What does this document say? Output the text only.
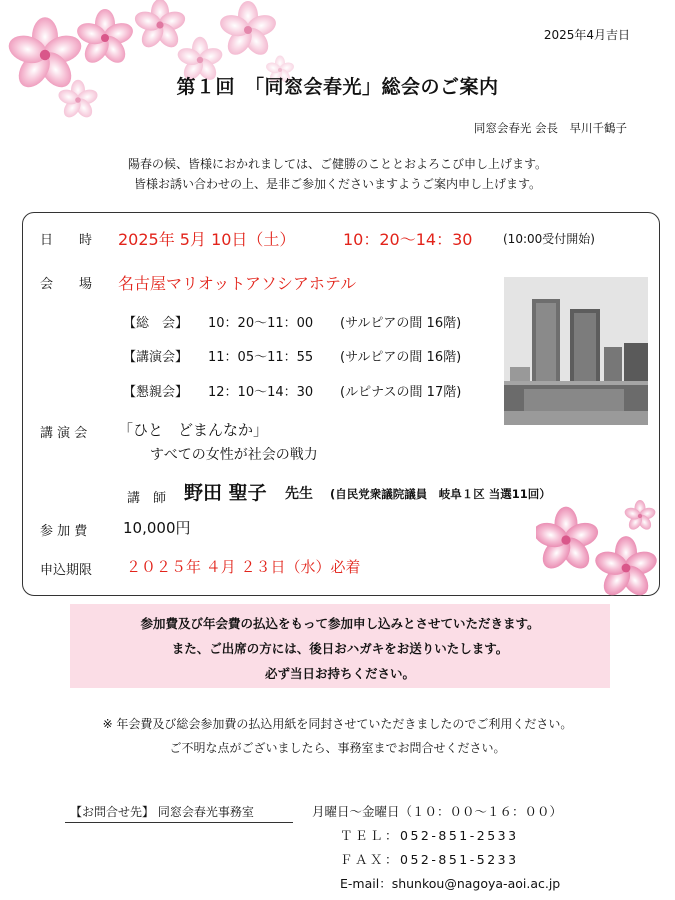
2025年4月吉日
第１回　「同窓会春光」総会のご案内
同窓会春光 会長　早川千鶴子
陽春の候、皆様におかれましては、ご健勝のこととおよろこび申し上げます。
皆様お誘い合わせの上、是非ご参加くださいますようご案内申し上げます。
日　　時 2025年 5月 10日（土）	10：20〜14：30	(10:00受付開始)
会　　場 名古屋マリオットアソシアホテル
【総　会】 10：20〜11：00 (サルピアの間 16階)
【講演会】 11：05〜11：55 (サルピアの間 16階)
【懇親会】 12：10〜14：30 (ルピナスの間 17階)
講 演 会 「ひと　どまんなか」
すべての女性が社会の戦力
講　師 野田 聖子 先生 (自民党衆議院議員　岐阜１区 当選11回）
参 加 費 10,000円
申込期限 ２０２５年 ４月 ２３日（水）必着
参加費及び年会費の払込をもって参加申し込みとさせていただきます。
また、ご出席の方には、後日おハガキをお送りいたします。
必ず当日お持ちください。
※ 年会費及び総会参加費の払込用紙を同封させていただきましたのでご利用ください。
ご不明な点がございましたら、事務室までお問合せください。
【お問合せ先】 同窓会春光事務室	月曜日〜金曜日（１０：００〜１６：００）
ＴＥＬ：052-851-2533
ＦＡＸ：052-851-5233
E-mail：shunkou@nagoya-aoi.ac.jp
